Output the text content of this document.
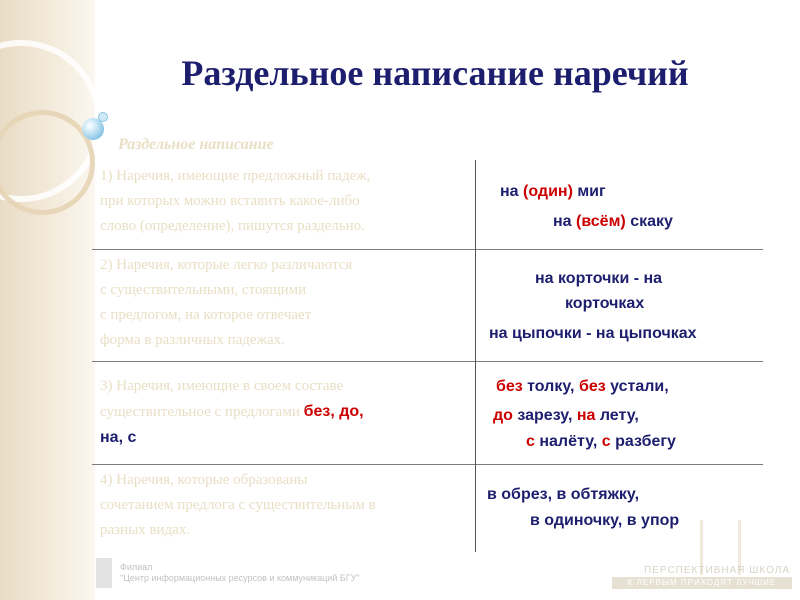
Раздельное написание наречий
Раздельное написание
1) Наречия, имеющие предложный падеж,
при которых можно вставить какое-либо
слово (определение), пишутся раздельно.
2) Наречия, которые легко различаются
с существительными, стоящими
с предлогом, на которое отвечает
форма в различных падежах.
3) Наречия, имеющие в своем составе
существительное с предлогами без, до,
на, с
4) Наречия, которые образованы
сочетанием предлога с существительным в
разных видах.
на (один) миг
на (всём) скаку
на корточки - на
корточках
на цыпочки - на цыпочках
без толку, без устали,
до зарезу, на лету,
с налёту, с разбегу
в обрез, в обтяжку,
в одиночку, в упор
Филиал
"Центр информационных ресурсов и коммуникаций БГУ"
ПЕРСПЕКТИВНАЯ ШКОЛА
К ЛЕРВЫМ ПРИХОДЯТ ЛУЧШИЕ
